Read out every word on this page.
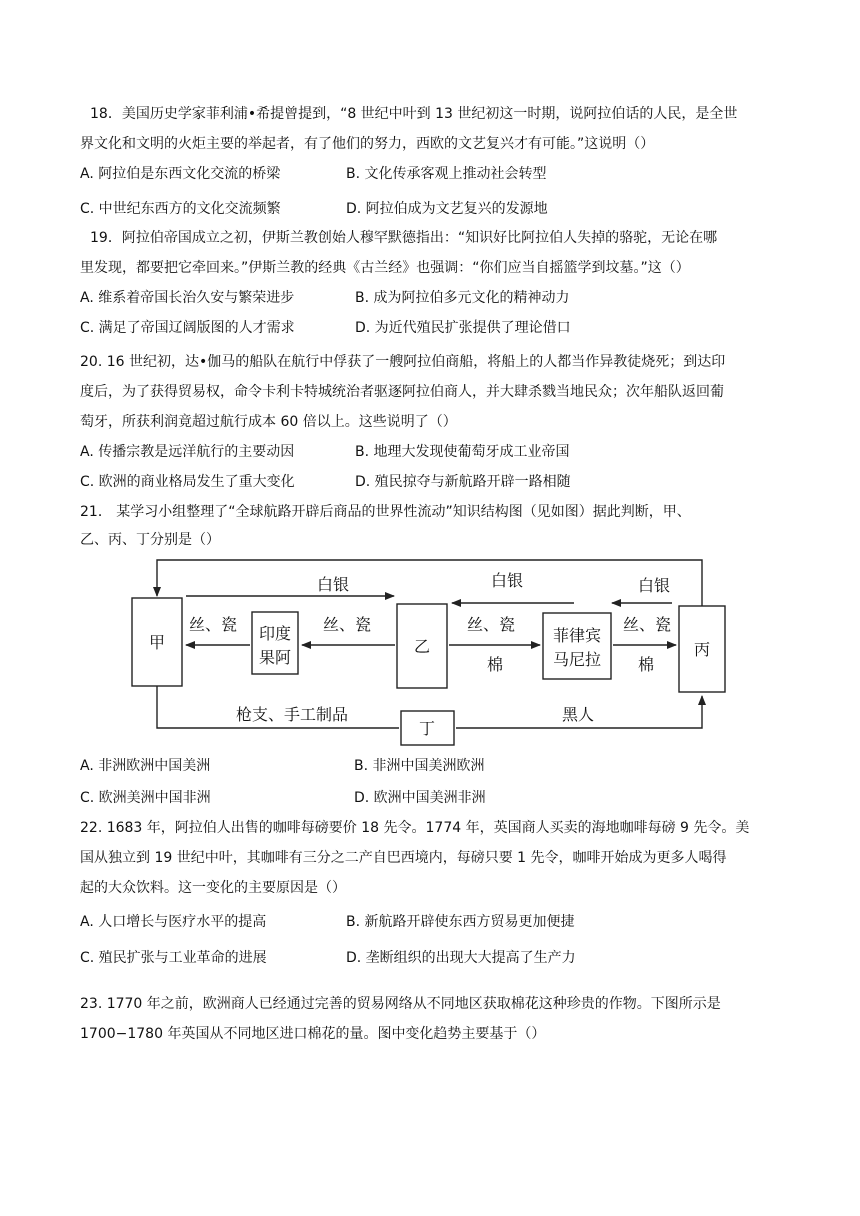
18．美国历史学家菲利浦•希提曾提到，“8 世纪中叶到 13 世纪初这一时期，说阿拉伯话的人民，是全世
界文化和文明的火炬主要的举起者，有了他们的努力，西欧的文艺复兴才有可能。”这说明（）
A. 阿拉伯是东西文化交流的桥梁	B. 文化传承客观上推动社会转型
C. 中世纪东西方的文化交流频繁	D. 阿拉伯成为文艺复兴的发源地
19．阿拉伯帝国成立之初，伊斯兰教创始人穆罕默德指出：“知识好比阿拉伯人失掉的骆驼，无论在哪
里发现，都要把它牵回来。”伊斯兰教的经典《古兰经》也强调：“你们应当自摇篮学到坟墓。”这（）
A. 维系着帝国长治久安与繁荣进步	B. 成为阿拉伯多元文化的精神动力
C. 满足了帝国辽阔版图的人才需求	D. 为近代殖民扩张提供了理论借口
20. 16 世纪初，达•伽马的船队在航行中俘获了一艘阿拉伯商船，将船上的人都当作异教徒烧死；到达印
度后，为了获得贸易权，命令卡利卡特城统治者驱逐阿拉伯商人，并大肆杀戮当地民众；次年船队返回葡
萄牙，所获利润竟超过航行成本 60 倍以上。这些说明了（）
A. 传播宗教是远洋航行的主要动因	B. 地理大发现使葡萄牙成工业帝国
C. 欧洲的商业格局发生了重大变化	D. 殖民掠夺与新航路开辟一路相随
21． 某学习小组整理了“全球航路开辟后商品的世界性流动”知识结构图（见如图）据此判断，甲、
乙、丙、丁分别是（）
甲	印度
果阿
乙
菲律宾
马尼拉
丙
丁
白银	白银	白银
丝、瓷	丝、瓷	丝、瓷	丝、瓷
棉	棉
枪支、手工制品	黑人
A. 非洲欧洲中国美洲	B. 非洲中国美洲欧洲
C. 欧洲美洲中国非洲	D. 欧洲中国美洲非洲
22. 1683 年，阿拉伯人出售的咖啡每磅要价 18 先令。1774 年，英国商人买卖的海地咖啡每磅 9 先令。美
国从独立到 19 世纪中叶，其咖啡有三分之二产自巴西境内，每磅只要 1 先令，咖啡开始成为更多人喝得
起的大众饮料。这一变化的主要原因是（）
A. 人口增长与医疗水平的提高	B. 新航路开辟使东西方贸易更加便捷
C. 殖民扩张与工业革命的进展	D. 垄断组织的出现大大提高了生产力
23. 1770 年之前，欧洲商人已经通过完善的贸易网络从不同地区获取棉花这种珍贵的作物。下图所示是
1700−1780 年英国从不同地区进口棉花的量。图中变化趋势主要基于（）
